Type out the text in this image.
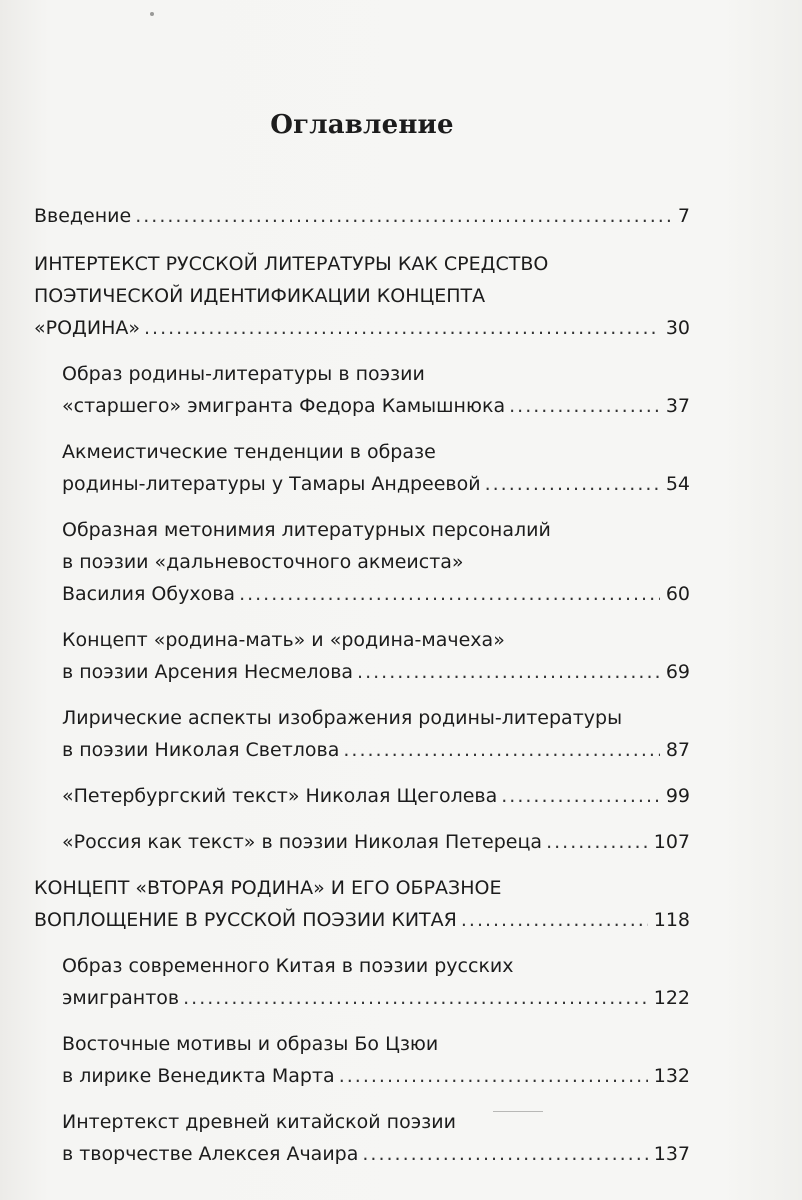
Оглавление
Введение .....	7
ИНТЕРТЕКСТ РУССКОЙ ЛИТЕРАТУРЫ КАК СРЕДСТВО
ПОЭТИЧЕСКОЙ ИДЕНТИФИКАЦИИ КОНЦЕПТА
«РОДИНА» .....	30
Образ родины-литературы в поэзии
«старшего» эмигранта Федора Камышнюка .....	37
Акмеистические тенденции в образе
родины-литературы у Тамары Андреевой .....	54
Образная метонимия литературных персоналий
в поэзии «дальневосточного акмеиста»
Василия Обухова .....	60
Концепт «родина-мать» и «родина-мачеха»
в поэзии Арсения Несмелова .....	69
Лирические аспекты изображения родины-литературы
в поэзии Николая Светлова .....	87
«Петербургский текст» Николая Щеголева .....	99
«Россия как текст» в поэзии Николая Петереца .....	107
КОНЦЕПТ «ВТОРАЯ РОДИНА» И ЕГО ОБРАЗНОЕ
ВОПЛОЩЕНИЕ В РУССКОЙ ПОЭЗИИ КИТАЯ .....	118
Образ современного Китая в поэзии русских
эмигрантов .....	122
Восточные мотивы и образы Бо Цзюи
в лирике Венедикта Марта .....	132
Интертекст древней китайской поэзии
в творчестве Алексея Ачаира .....	137
